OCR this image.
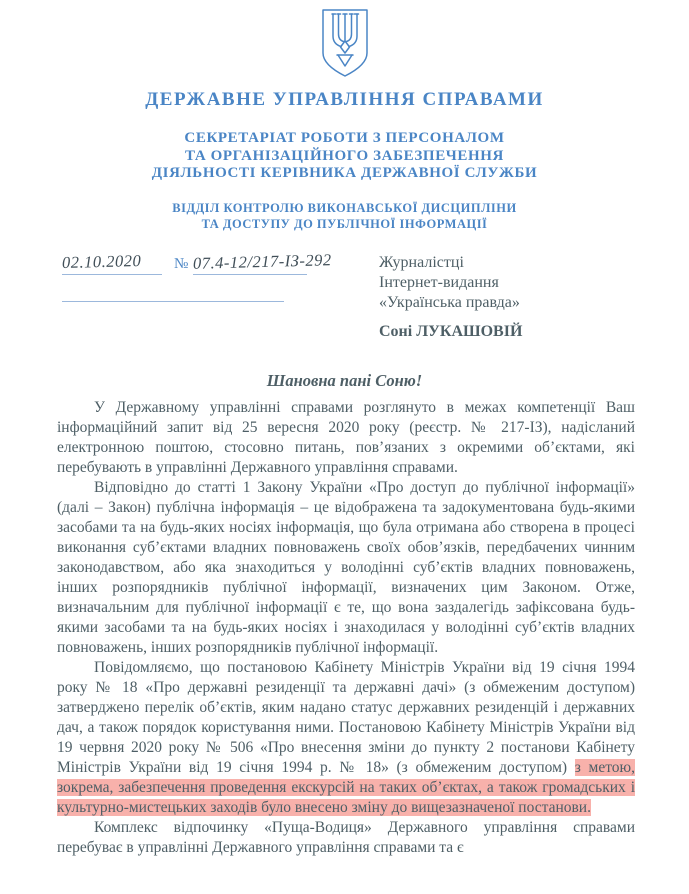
ДЕРЖАВНЕ УПРАВЛІННЯ СПРАВАМИ
СЕКРЕТАРІАТ РОБОТИ З ПЕРСОНАЛОМ
ТА ОРГАНІЗАЦІЙНОГО ЗАБЕЗПЕЧЕННЯ
ДІЯЛЬНОСТІ КЕРІВНИКА ДЕРЖАВНОЇ СЛУЖБИ
ВІДДІЛ КОНТРОЛЮ ВИКОНАВСЬКОЇ ДИСЦИПЛІНИ
ТА ДОСТУПУ ДО ПУБЛІЧНОЇ ІНФОРМАЦІЇ
02.10.2020	№ 07.4-12/217-ІЗ-292	Журналістці
Інтернет-видання
«Українська правда»
Соні ЛУКАШОВІЙ
Шановна пані Соню!

У Державному управлінні справами розглянуто в межах компетенції Ваш інформаційний запит від 25 вересня 2020 року (реєстр. № 217-ІЗ), надісланий електронною поштою, стосовно питань, пов’язаних з окремими об’єктами, які перебувають в управлінні Державного управління справами.

Відповідно до статті 1 Закону України «Про доступ до публічної інформації» (далі – Закон) публічна інформація – це відображена та задокументована будь-якими засобами та на будь-яких носіях інформація, що була отримана або створена в процесі виконання суб’єктами владних повноважень своїх обов’язків, передбачених чинним законодавством, або яка знаходиться у володінні суб’єктів владних повноважень, інших розпорядників публічної інформації, визначених цим Законом. Отже, визначальним для публічної інформації є те, що вона заздалегідь зафіксована будь-якими засобами та на будь-яких носіях і знаходилася у володінні суб’єктів владних повноважень, інших розпорядників публічної інформації.

Повідомляємо, що постановою Кабінету Міністрів України від 19 січня 1994 року № 18 «Про державні резиденції та державні дачі» (з обмеженим доступом) затверджено перелік об’єктів, яким надано статус державних резиденцій і державних дач, а також порядок користування ними. Постановою Кабінету Міністрів України від 19 червня 2020 року № 506 «Про внесення зміни до пункту 2 постанови Кабінету Міністрів України від 19 січня 1994 р. № 18» (з обмеженим доступом) з метою, зокрема, забезпечення проведення екскурсій на таких об’єктах, а також громадських і культурно-мистецьких заходів було внесено зміну до вищезазначеної постанови.

Комплекс відпочинку «Пуща-Водиця» Державного управління справами перебуває в управлінні Державного управління справами та є
